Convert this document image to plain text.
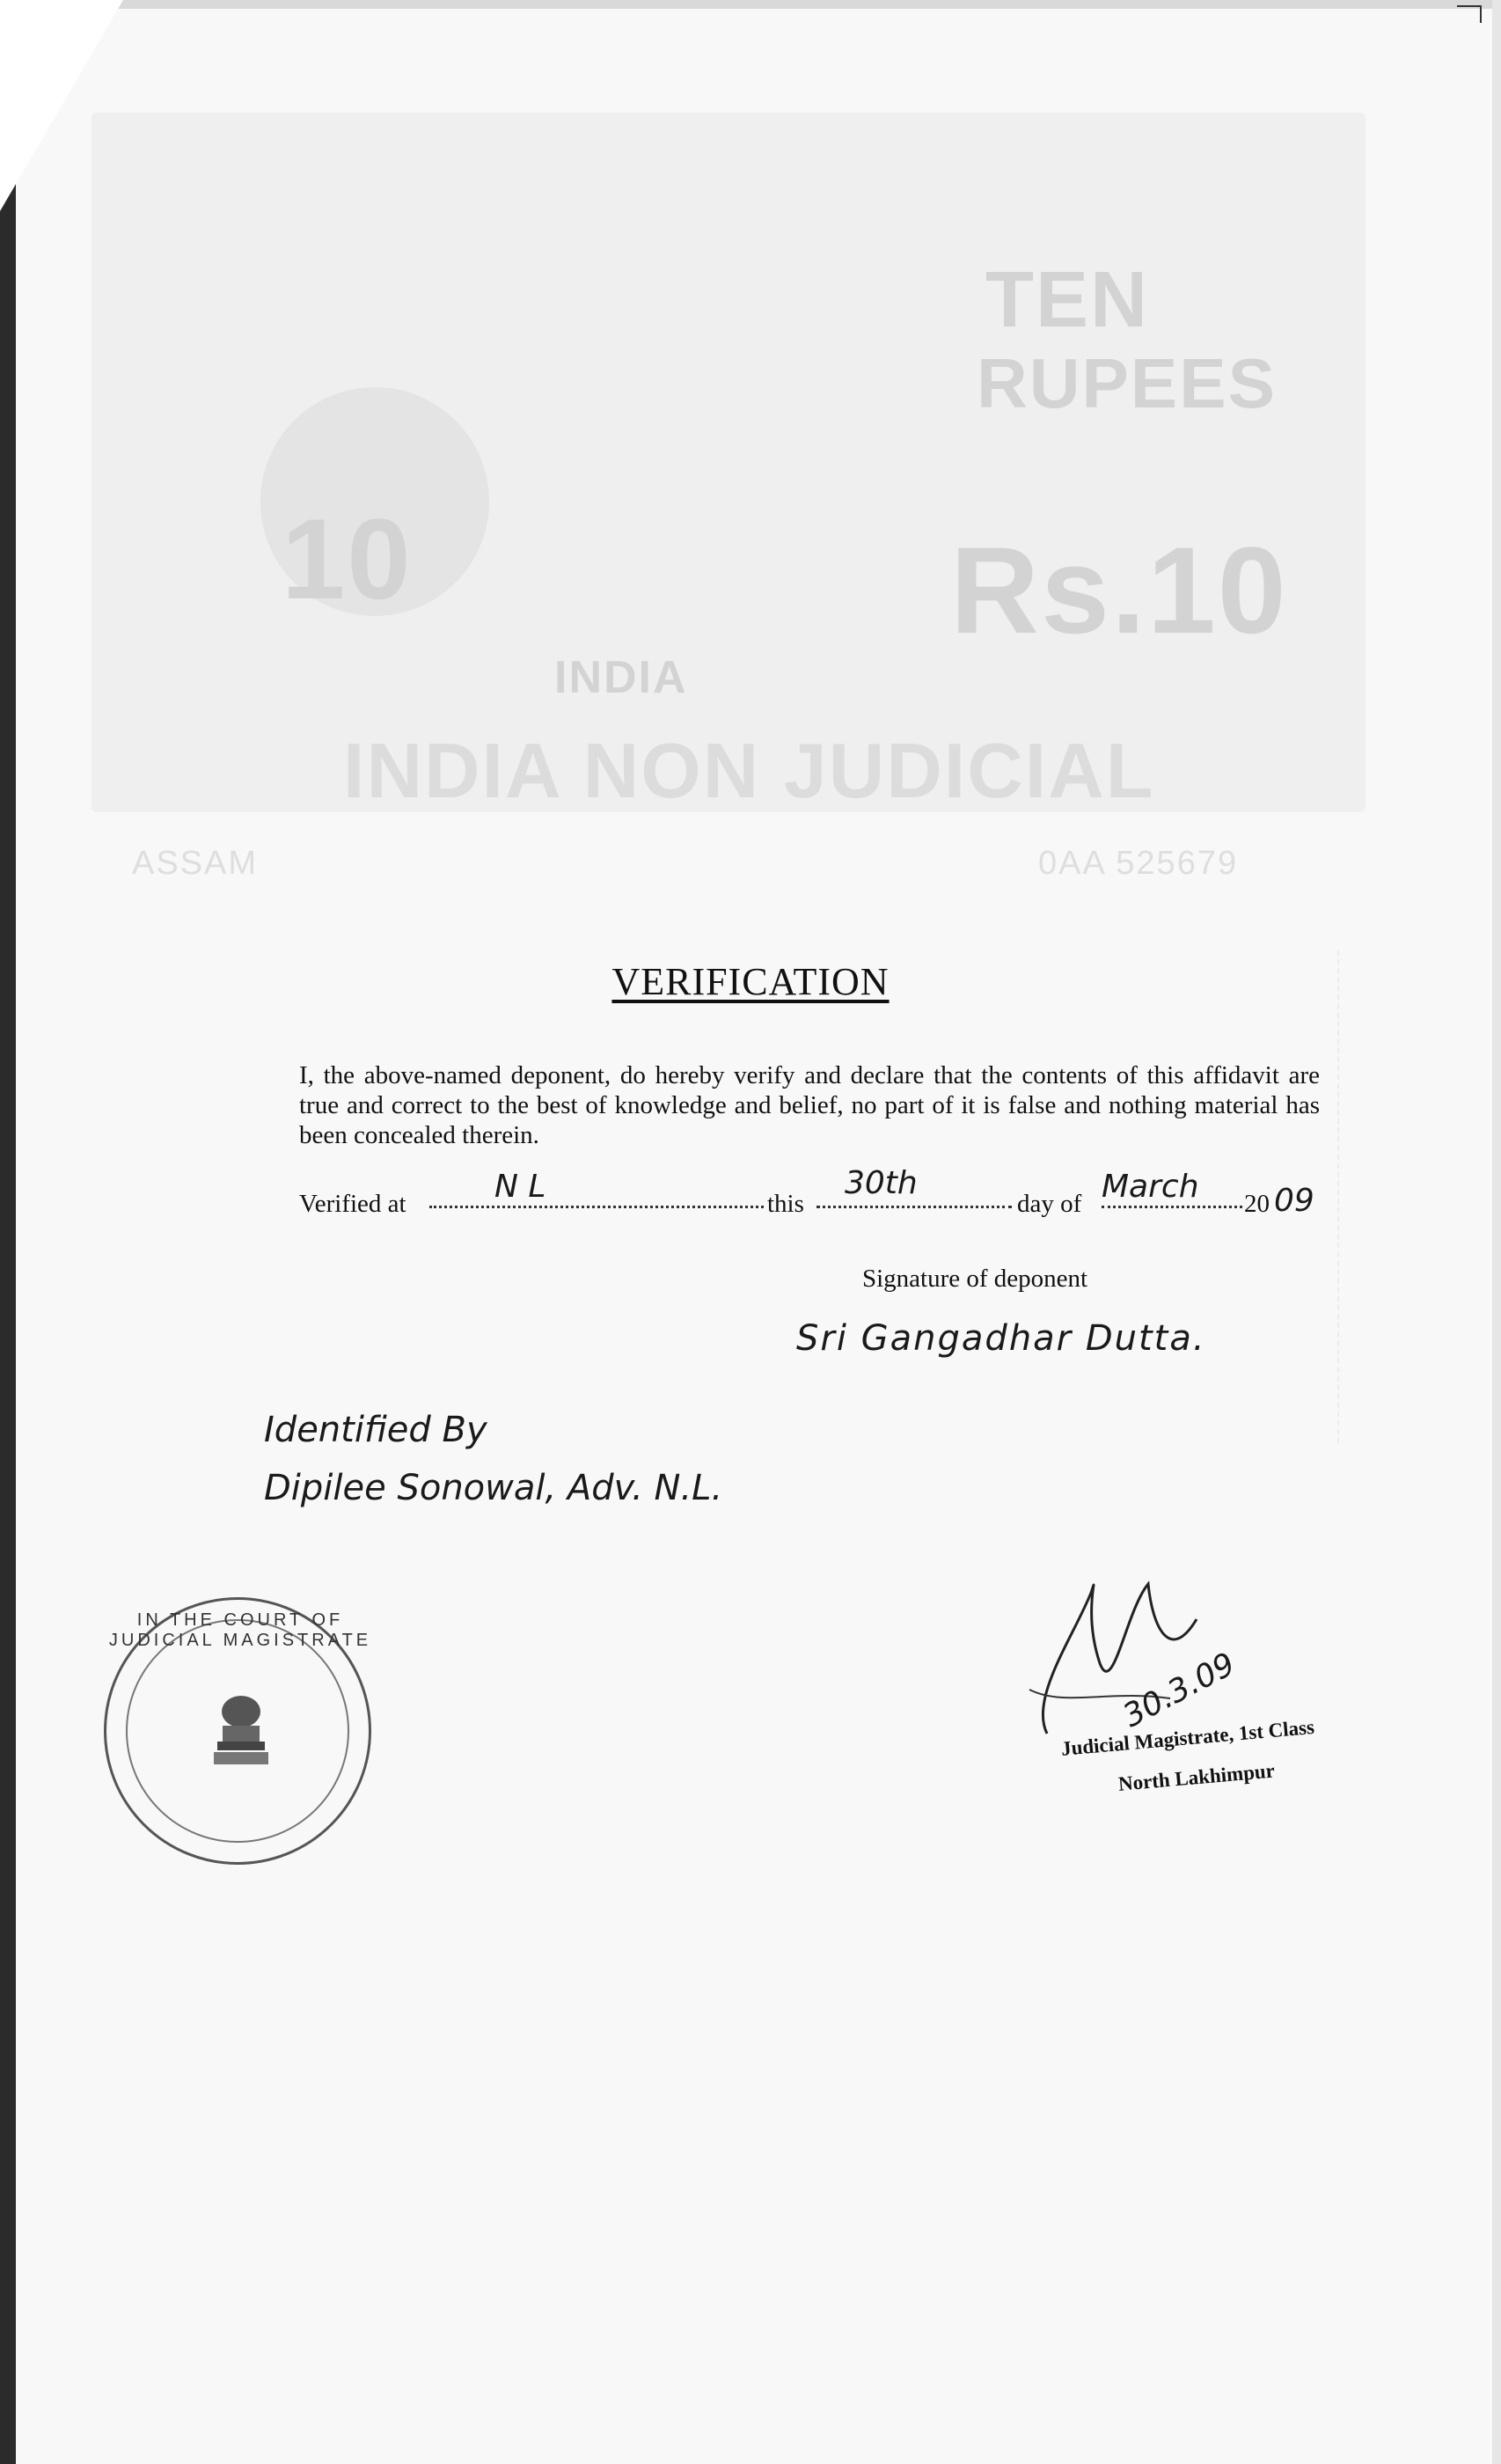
TEN
RUPEES
10	Rs.10
INDIA
INDIA NON JUDICIAL
ASSAM	0AA 525679
VERIFICATION
I, the above-named deponent, do hereby verify and declare that the contents of this affidavit are true and correct to the best of knowledge and belief, no part of it is false and nothing material has been concealed therein.
Verified at	N L	this
30th
day of March 20 09
Signature of deponent
Sri Gangadhar Dutta.
Identified By
Dipilee Sonowal, Adv. N.L.
IN THE COURT OF JUDICIAL MAGISTRATE
30.3.09
Judicial Magistrate, 1st Class
North Lakhimpur
